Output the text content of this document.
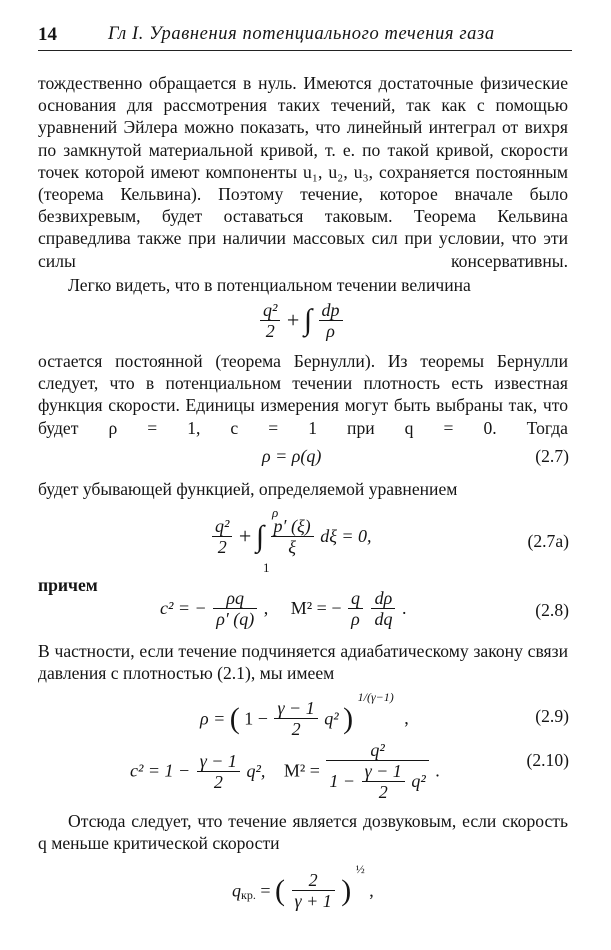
14	Гл I. Уравнения потенциального течения газа

тождественно обращается в нуль. Имеются достаточные физические основания для рассмотрения таких течений, так как с помощью уравнений Эйлера можно показать, что линейный интеграл от вихря по замкнутой материальной кривой, т. е. по такой кривой, скорости точек которой имеют компоненты u₁, u₂, u₃, сохраняется постоянным (теорема Кельвина). Поэтому течение, которое вначале было безвихревым, будет оставаться таковым. Теорема Кельвина справедлива также при наличии массовых сил при условии, что эти силы консервативны.

Легко видеть, что в потенциальном течении величина

$\frac{\text{q²}}{2}$ + ∫ $\frac{dp}{\rho}$

остается постоянной (теорема Бернулли). Из теоремы Бернулли следует, что в потенциальном течении плотность есть известная функция скорости. Единицы измерения могут быть выбраны так, что будет ρ = 1, c = 1 при q = 0. Тогда

ρ = ρ(q)	(2.7)

будет убывающей функцией, определяемой уравнением

$\frac{\text{q²}}{2}$ + ∫ $\frac{p' (\xi)}{\xi}$ dξ = 0,
ρ
1
(2.7a)

причем

c² = − $\frac{\rho q}{\rho' (q)}$ , M² = − $\frac{q}{\rho}$
$\frac{d\rho}{dq}$ .	(2.8)

В частности, если течение подчиняется адиабатическому закону связи давления с плотностью (2.1), мы имеем

ρ = ( $1 - \frac{\gamma - 1}{2} q^2$ ) $^{1/(\gamma-1)}$ ,	(2.9)
$c^2 = 1 - \frac{\gamma - 1}{2} q^2$, $M^2 = \frac{\text{q²}}{1 - \frac{\gamma - 1}{2} q^2}$ .
(2.10)

Отсюда следует, что течение является дозвуковым, если скорость q меньше критической скорости

$q_{кр.}$ = ( $\frac{2}{\gamma + 1}$ ) $^{\frac{1}{2}}$ ,
